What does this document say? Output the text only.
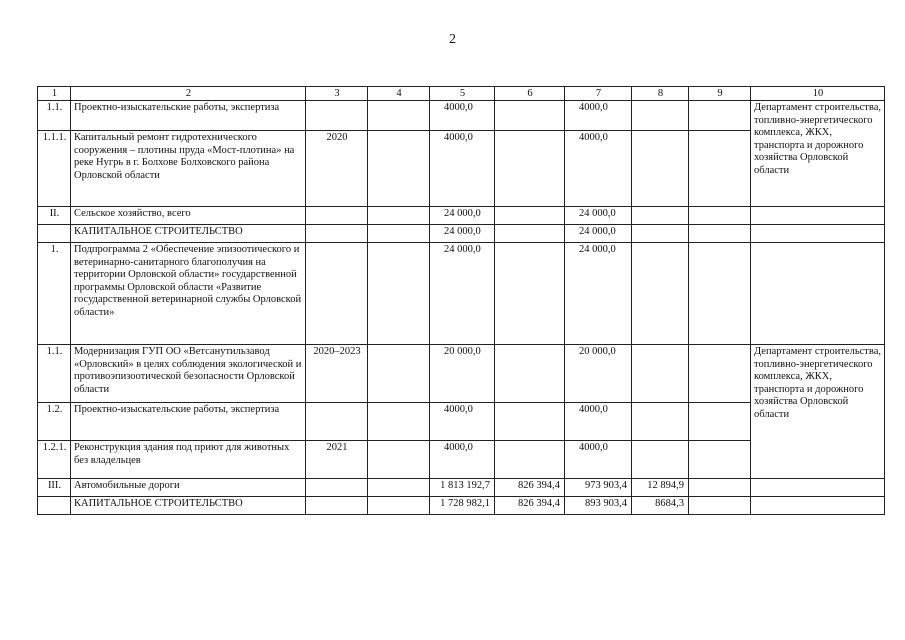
2
1	2	3	4	5	6	7	8	9	10
1.1.	Проектно-изыскательские работы, экспертиза			4000,0		4000,0			Департамент строительства, топливно-энергетического комплекса, ЖКХ, транспорта и дорожного хозяйства Орловской области

1.1.1.	Капитальный ремонт гидротехнического сооружения – плотины пруда «Мост-плотина» на реке Нугрь в г. Болхове Болховского района Орловской области	2020		4000,0		4000,0			
II.	Сельское хозяйство, всего			24 000,0		24 000,0			
	КАПИТАЛЬНОЕ СТРОИТЕЛЬСТВО			24 000,0		24 000,0			
1.	Подпрограмма 2 «Обеспечение эпизоотического и ветеринарно-санитарного благополучия на территории Орловской области» государственной программы Орловской области «Развитие государственной ветеринарной службы Орловской области»			24 000,0		24 000,0			
1.1.	Модернизация ГУП ОО «Ветсанутильзавод «Орловский» в целях соблюдения экологической и противоэпизоотической безопасности Орловской области	2020–2023		20 000,0		20 000,0			Департамент строительства, топливно-энергетического комплекса, ЖКХ, транспорта и дорожного хозяйства Орловской области

1.2.	Проектно-изыскательские работы, экспертиза			4000,0		4000,0			
1.2.1.	Реконструкция здания под приют для животных без владельцев	2021		4000,0		4000,0			
III.	Автомобильные дороги			1 813 192,7	826 394,4	973 903,4	12 894,9		
	КАПИТАЛЬНОЕ СТРОИТЕЛЬСТВО			1 728 982,1	826 394,4	893 903,4	8684,3		
